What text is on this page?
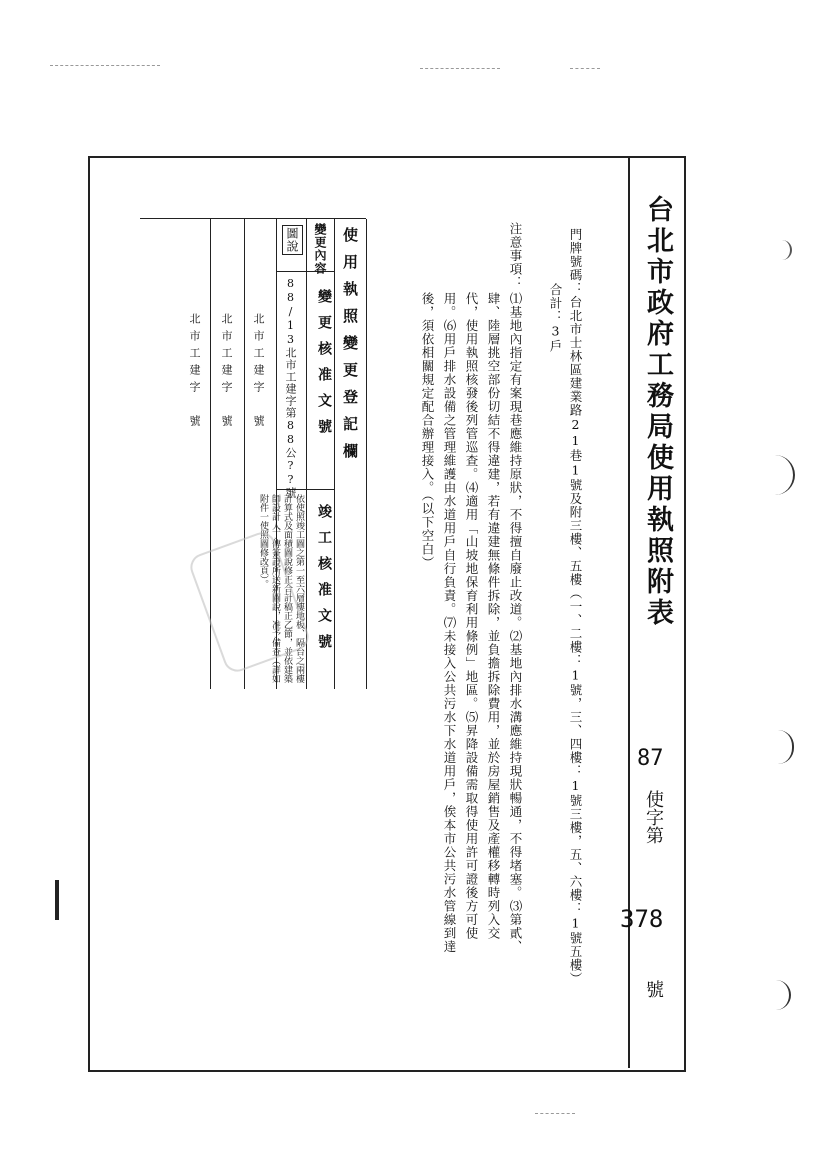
台北市政府工務局使用執照附表
87
使字第
378
號
門牌號碼：台北市士林區建業路21巷1號及附三樓、五樓（一、二樓：1號，三、四樓：1號三樓，五、六樓：1號五樓）
合計：3戶
注意事項：
⑴基地內指定有案現巷應維持原狀，不得擅自廢止改道。⑵基地內排水溝應維持現狀暢通，不得堵塞。⑶第貳、
肆、陸層挑空部份切結不得違建，若有違建無條件拆除，並負擔拆除費用，並於房屋銷售及產權移轉時列入交
代，使用執照核發後列管巡查。⑷適用「山坡地保育利用條例」地區。⑸昇降設備需取得使用許可證後方可使
用。⑹用戶排水設備之管理維護由水道用戶自行負責。⑺未接入公共污水下水道用戶，俟本市公共污水管線到達
後，須依相關規定配合辦理接入。（以下空白）
使用執照變更登記欄
變更內容
變更核准文號
竣工核准文號
圖說
88/13北市工建字第88公??號
依使照竣工圖之第一至六層樓地板、隔台之兩樓計算式及面積圖說修正合計稿正乙節，並依建築師設計人丁傳簽證所送新圖說，准予備查（詳如附件一使照圖修改頁）。
北市工建字　號
北市工建字　號
北市工建字　號
